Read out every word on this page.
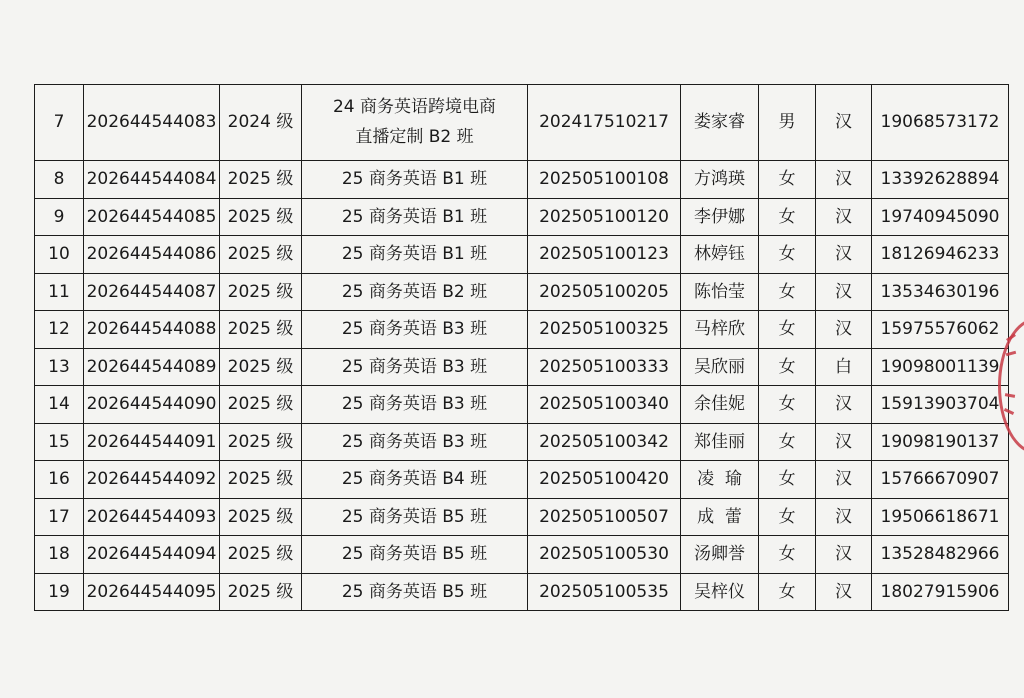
7	202644544083	2024 级	24 商务英语跨境电商
直播定制 B2 班	202417510217	娄家睿	男	汉	19068573172
8	202644544084	2025 级	25 商务英语 B1 班	202505100108	方鸿瑛	女	汉	13392628894
9	202644544085	2025 级	25 商务英语 B1 班	202505100120	李伊娜	女	汉	19740945090
10	202644544086	2025 级	25 商务英语 B1 班	202505100123	林婷钰	女	汉	18126946233
11	202644544087	2025 级	25 商务英语 B2 班	202505100205	陈怡莹	女	汉	13534630196
12	202644544088	2025 级	25 商务英语 B3 班	202505100325	马梓欣	女	汉	15975576062
13	202644544089	2025 级	25 商务英语 B3 班	202505100333	吴欣丽	女	白	19098001139
14	202644544090	2025 级	25 商务英语 B3 班	202505100340	余佳妮	女	汉	15913903704
15	202644544091	2025 级	25 商务英语 B3 班	202505100342	郑佳丽	女	汉	19098190137
16	202644544092	2025 级	25 商务英语 B4 班	202505100420	凌  瑜	女	汉	15766670907
17	202644544093	2025 级	25 商务英语 B5 班	202505100507	成  蕾	女	汉	19506618671
18	202644544094	2025 级	25 商务英语 B5 班	202505100530	汤卿誉	女	汉	13528482966
19	202644544095	2025 级	25 商务英语 B5 班	202505100535	吴梓仪	女	汉	18027915906
